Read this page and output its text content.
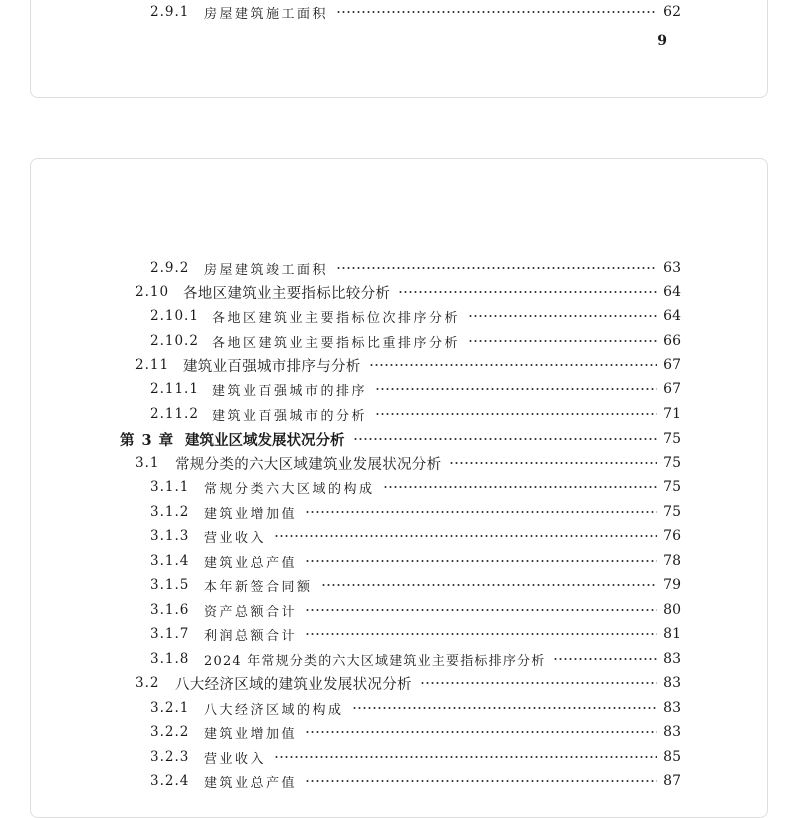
2.9.1	房屋建筑施工面积	62
9
2.9.2	房屋建筑竣工面积	63
2.10 各地区建筑业主要指标比较分析	64
2.10.1	各地区建筑业主要指标位次排序分析	64
2.10.2	各地区建筑业主要指标比重排序分析	66
2.11 建筑业百强城市排序与分析	67
2.11.1	建筑业百强城市的排序	67
2.11.2	建筑业百强城市的分析	71
第 3 章 建筑业区域发展状况分析	75
3.1	常规分类的六大区域建筑业发展状况分析	75
3.1.1	常规分类六大区域的构成	75
3.1.2	建筑业增加值	75
3.1.3	营业收入	76
3.1.4	建筑业总产值	78
3.1.5	本年新签合同额	79
3.1.6	资产总额合计	80
3.1.7	利润总额合计	81
3.1.8	2024 年常规分类的六大区域建筑业主要指标排序分析	83
3.2	八大经济区域的建筑业发展状况分析	83
3.2.1	八大经济区域的构成	83
3.2.2	建筑业增加值	83
3.2.3	营业收入	85
3.2.4	建筑业总产值	87
